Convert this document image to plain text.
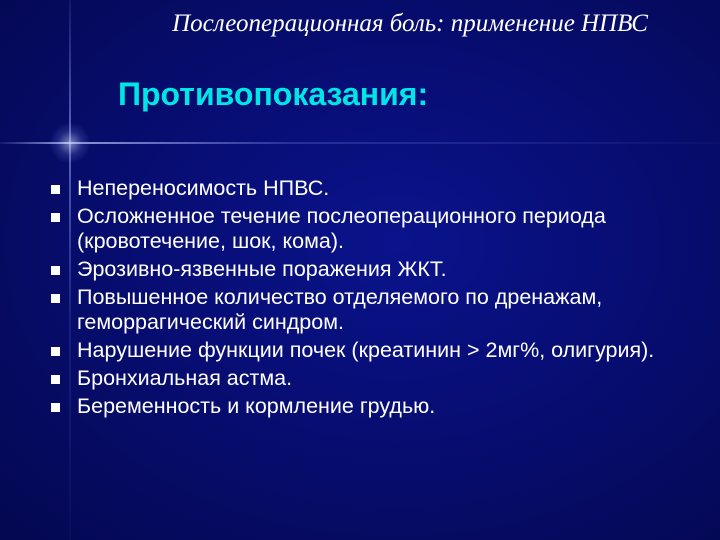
Послеоперационная боль: применение НПВС
Противопоказания:
Непереносимость НПВС.
Осложненное течение послеоперационного периода (кровотечение, шок, кома).
Эрозивно-язвенные поражения ЖКТ.
Повышенное количество отделяемого по дренажам, геморрагический синдром.
Нарушение функции почек (креатинин > 2мг%, олигурия).
Бронхиальная астма.
Беременность и кормление грудью.
